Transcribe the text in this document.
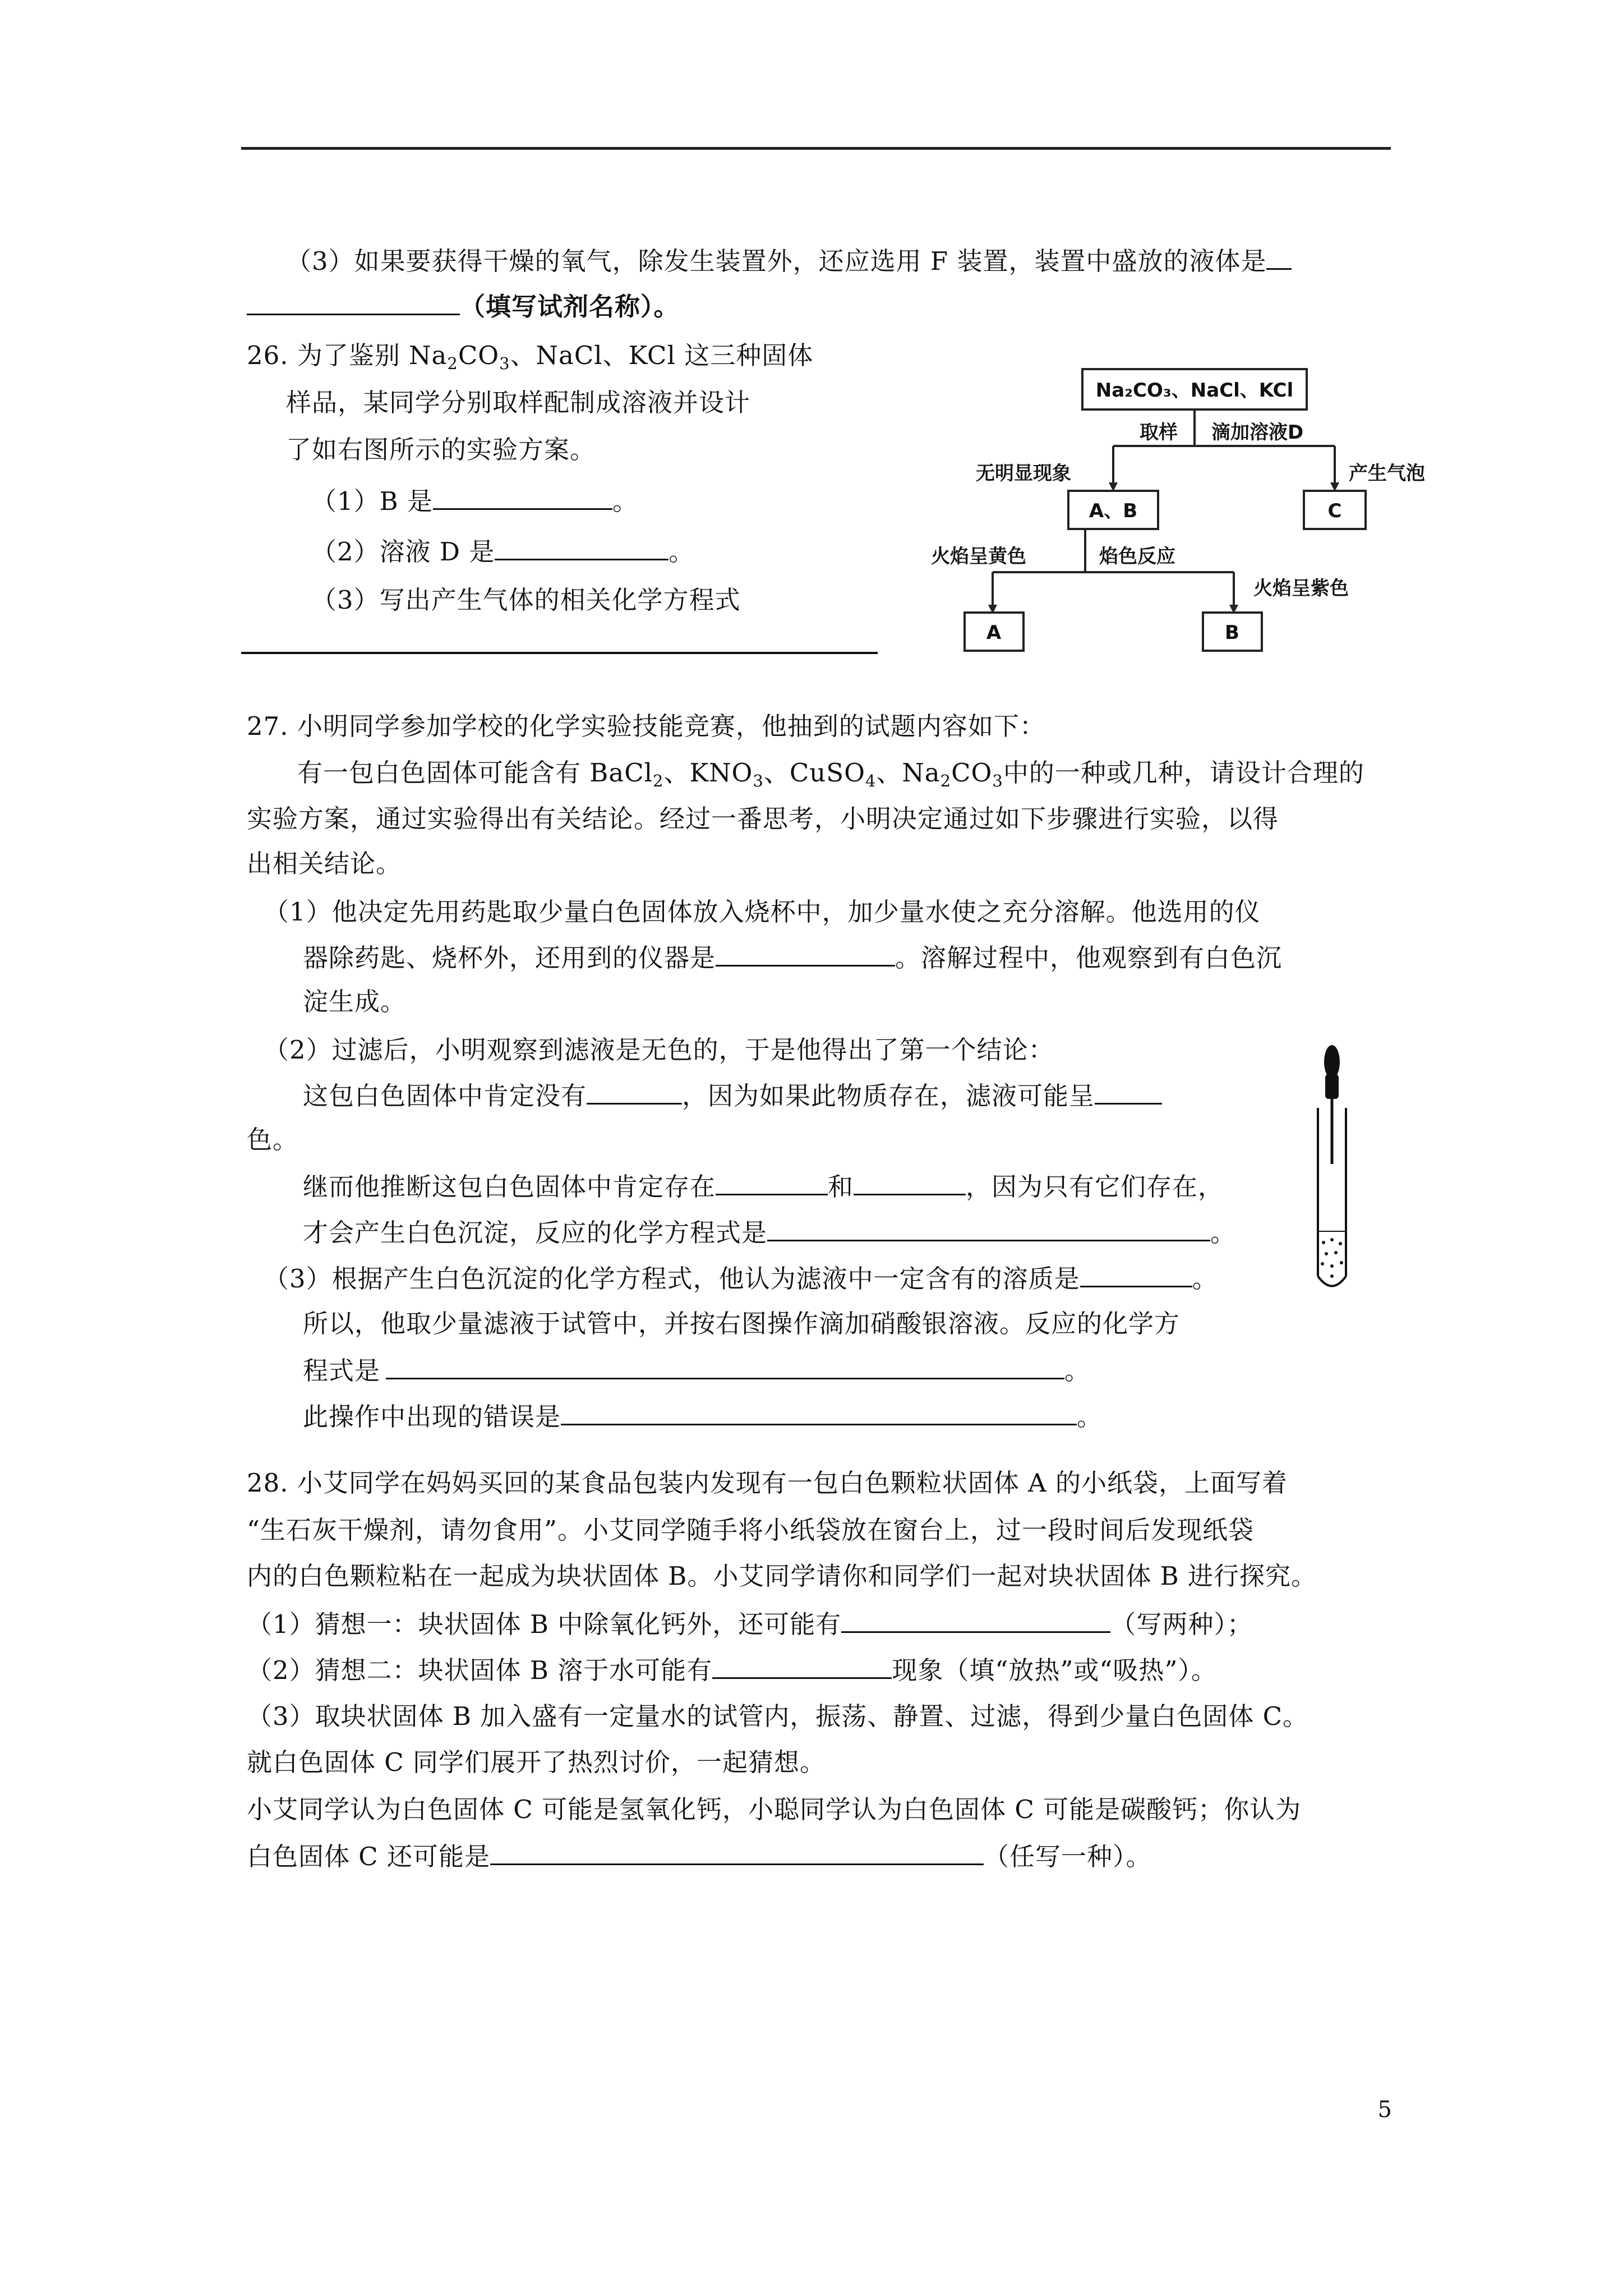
（3）如果要获得干燥的氧气，除发生装置外，还应选用 F 装置，装置中盛放的液体是
（填写试剂名称）。
26. 为了鉴别 $Na_2CO_3$、NaCl、KCl 这三种固体
样品，某同学分别取样配制成溶液并设计
了如右图所示的实验方案。
（1）B 是	。
（2）溶液 D 是	。
（3）写出产生气体的相关化学方程式
Na₂CO₃、NaCl、KCl
取样 滴加溶液D
无明显现象	产生气泡
A、B	C
火焰呈黄色	焰色反应
火焰呈紫色
A	B
27. 小明同学参加学校的化学实验技能竞赛，他抽到的试题内容如下：
有一包白色固体可能含有 BaCl$_2$、$KNO_3$、CuSO$_4$、$Na_2CO_3$中的一种或几种，请设计合理的
实验方案，通过实验得出有关结论。经过一番思考，小明决定通过如下步骤进行实验，以得
出相关结论。
（1）他决定先用药匙取少量白色固体放入烧杯中，加少量水使之充分溶解。他选用的仪
器除药匙、烧杯外，还用到的仪器是	。溶解过程中，他观察到有白色沉
淀生成。
（2）过滤后，小明观察到滤液是无色的，于是他得出了第一个结论：
这包白色固体中肯定没有	，因为如果此物质存在，滤液可能呈
色。
继而他推断这包白色固体中肯定存在	和	，因为只有它们存在，
才会产生白色沉淀，反应的化学方程式是	。
（3）根据产生白色沉淀的化学方程式，他认为滤液中一定含有的溶质是	。
所以，他取少量滤液于试管中，并按右图操作滴加硝酸银溶液。反应的化学方
程式是	。
此操作中出现的错误是	。
28. 小艾同学在妈妈买回的某食品包装内发现有一包白色颗粒状固体 A 的小纸袋，上面写着
“生石灰干燥剂，请勿食用”。小艾同学随手将小纸袋放在窗台上，过一段时间后发现纸袋
内的白色颗粒粘在一起成为块状固体 B。小艾同学请你和同学们一起对块状固体 B 进行探究。
（1）猜想一：块状固体 B 中除氧化钙外，还可能有	（写两种）；
（2）猜想二：块状固体 B 溶于水可能有	现象（填“放热”或“吸热”）。
（3）取块状固体 B 加入盛有一定量水的试管内，振荡、静置、过滤，得到少量白色固体 C。
就白色固体 C 同学们展开了热烈讨价，一起猜想。
小艾同学认为白色固体 C 可能是氢氧化钙，小聪同学认为白色固体 C 可能是碳酸钙；你认为
白色固体 C 还可能是	（任写一种）。
5
